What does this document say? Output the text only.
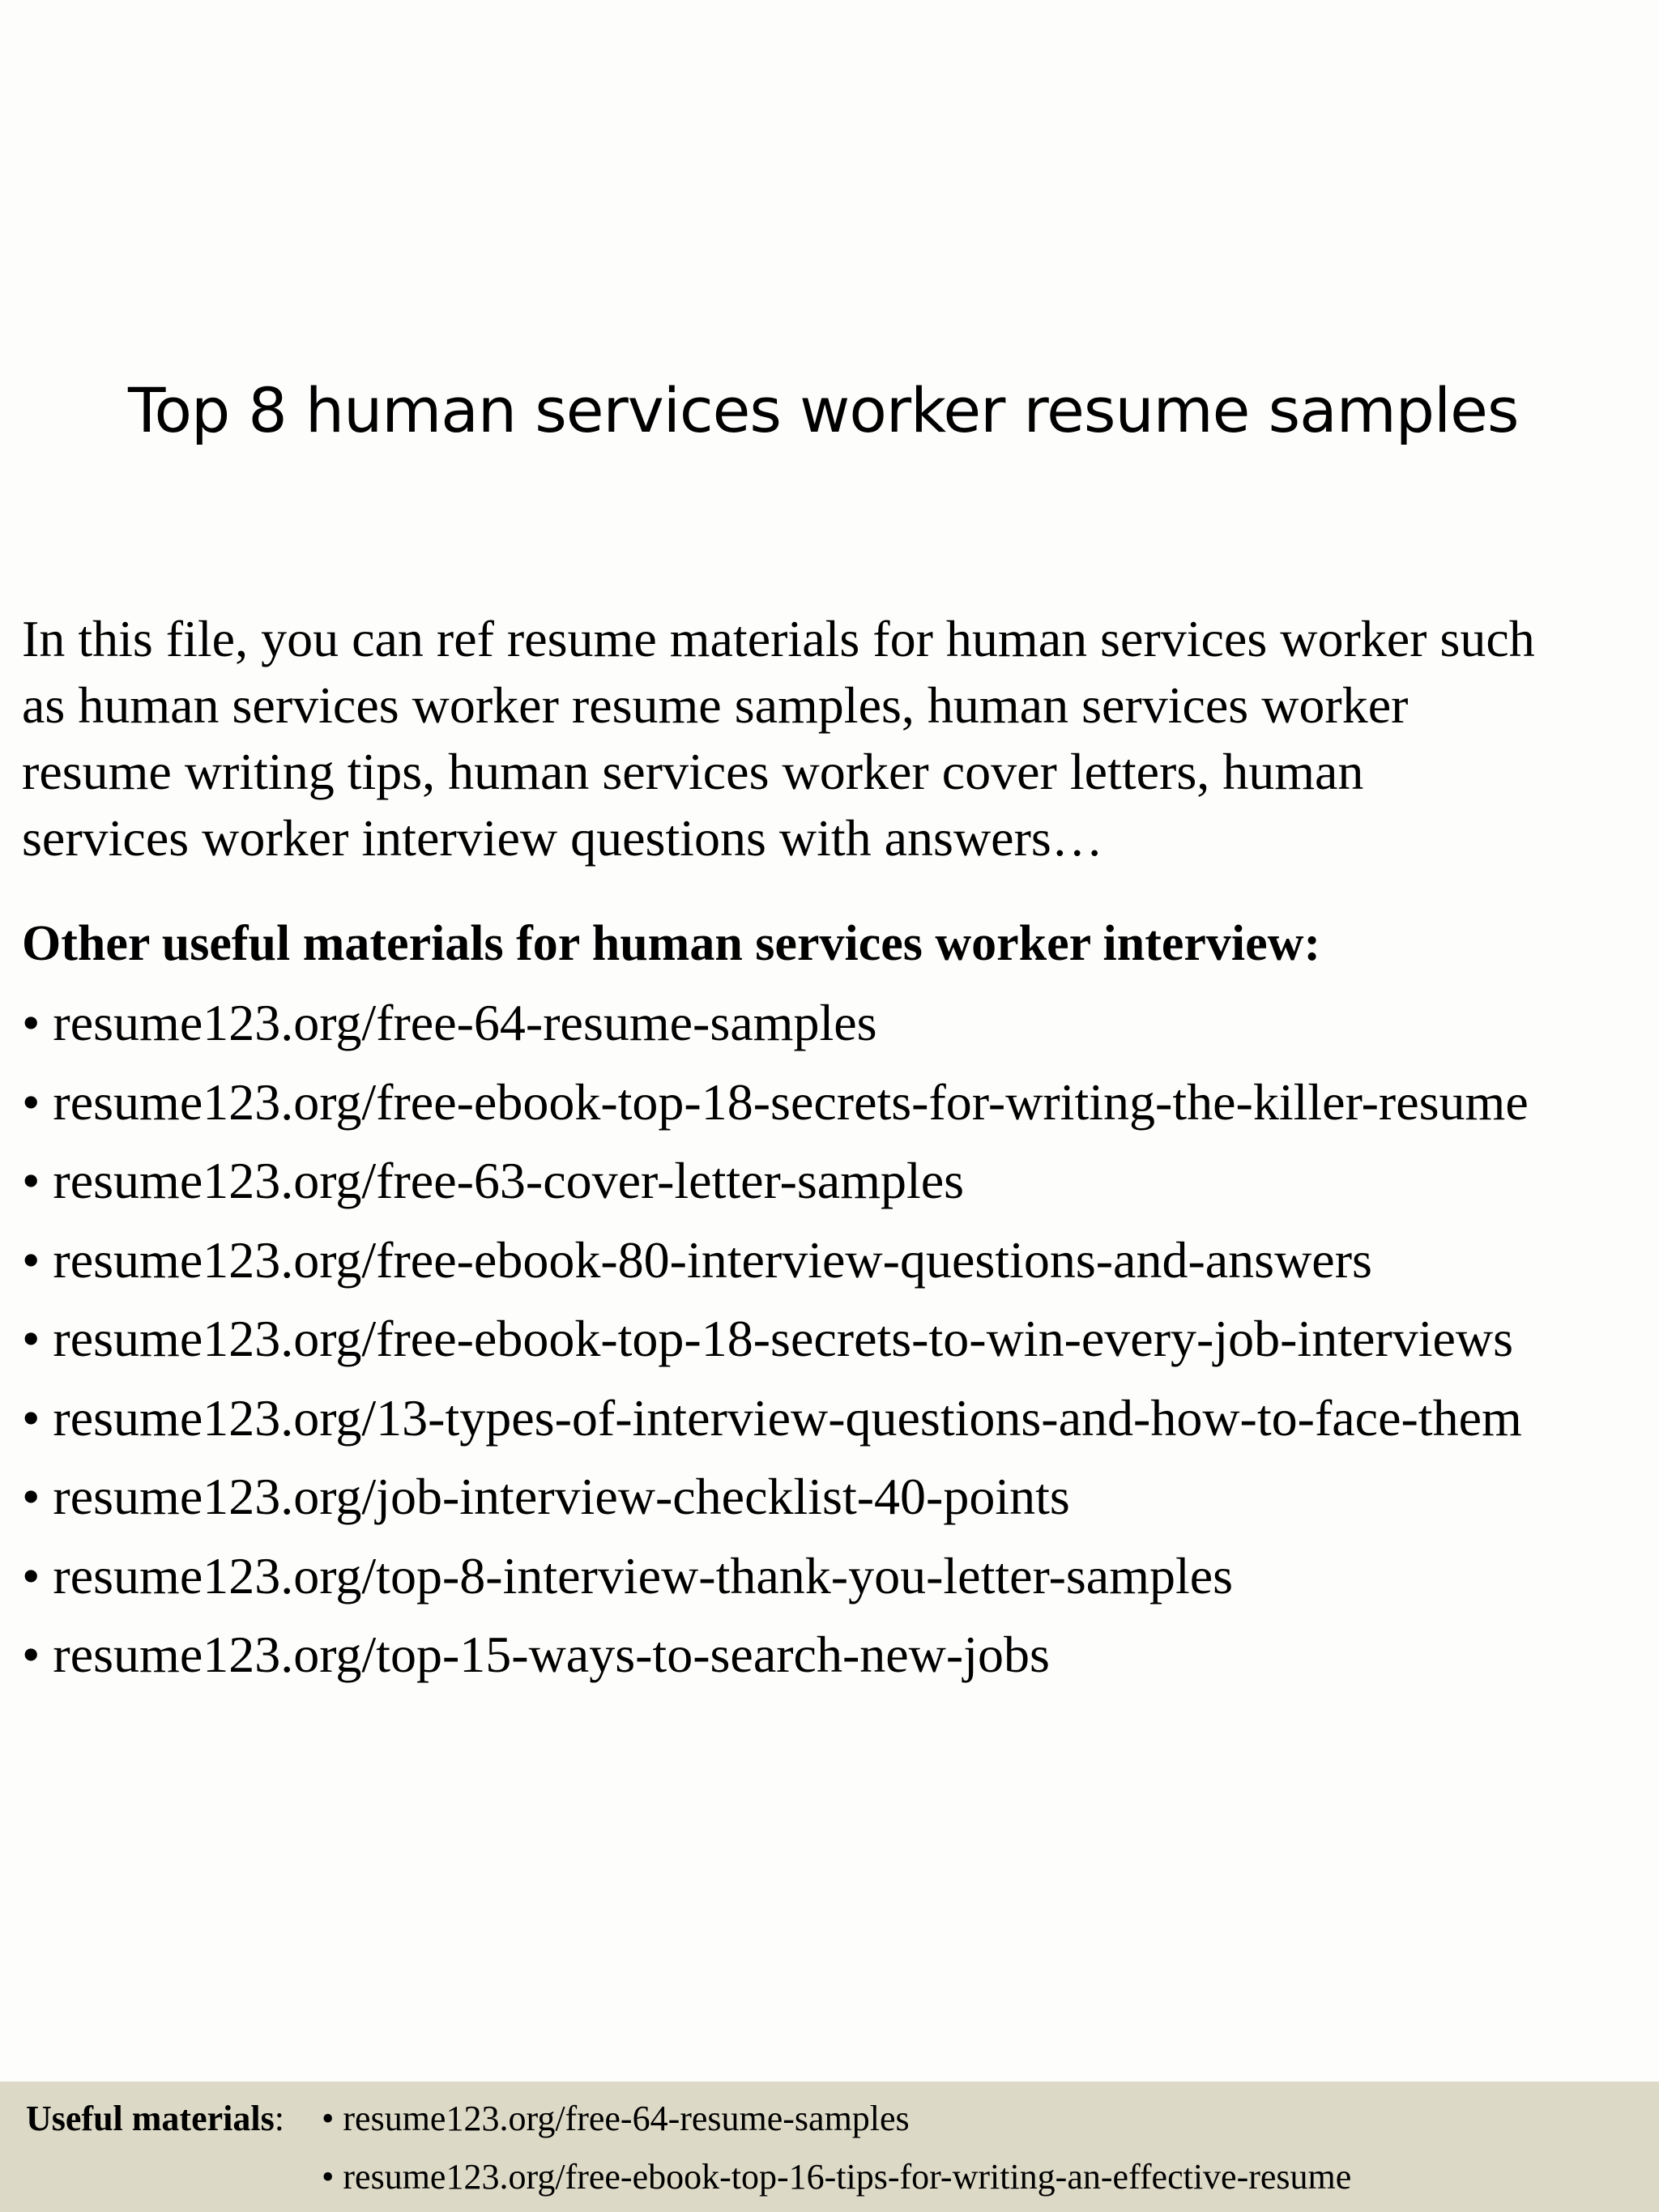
Top 8 human services worker resume samples

In this file, you can ref resume materials for human services worker such
as human services worker resume samples, human services worker
resume writing tips, human services worker cover letters, human
services worker interview questions with answers…

Other useful materials for human services worker interview:
• resume123.org/free-64-resume-samples
• resume123.org/free-ebook-top-18-secrets-for-writing-the-killer-resume
• resume123.org/free-63-cover-letter-samples
• resume123.org/free-ebook-80-interview-questions-and-answers
• resume123.org/free-ebook-top-18-secrets-to-win-every-job-interviews
• resume123.org/13-types-of-interview-questions-and-how-to-face-them
• resume123.org/job-interview-checklist-40-points
• resume123.org/top-8-interview-thank-you-letter-samples
• resume123.org/top-15-ways-to-search-new-jobs
Useful materials: • resume123.org/free-64-resume-samples
• resume123.org/free-ebook-top-16-tips-for-writing-an-effective-resume
